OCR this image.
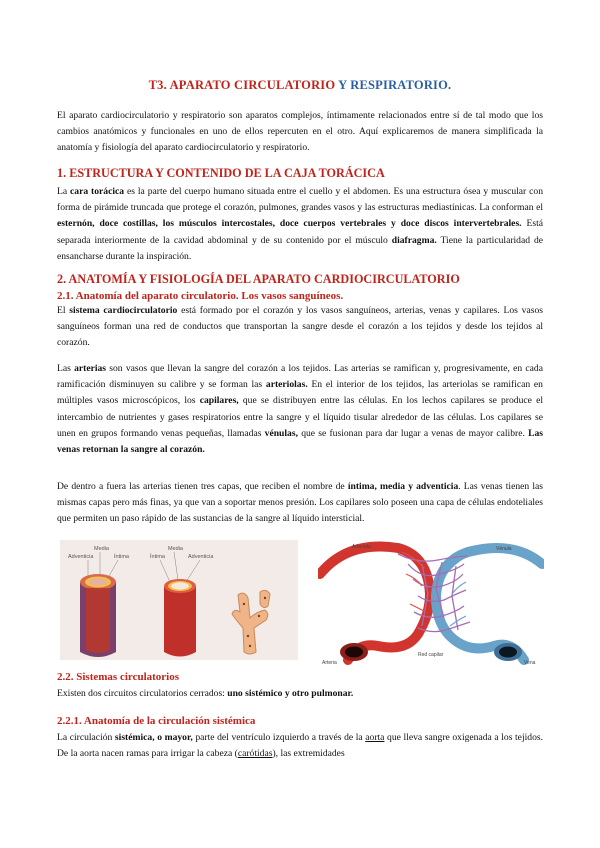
T3. APARATO CIRCULATORIO Y RESPIRATORIO.
El aparato cardiocirculatorio y respiratorio son aparatos complejos, íntimamente relacionados entre sí de tal modo que los cambios anatómicos y funcionales en uno de ellos repercuten en el otro. Aquí explicaremos de manera simplificada la anatomía y fisiología del aparato cardiocirculatorio y respiratorio.
1. ESTRUCTURA Y CONTENIDO DE LA CAJA TORÁCICA
La cara torácica es la parte del cuerpo humano situada entre el cuello y el abdomen. Es una estructura ósea y muscular con forma de pirámide truncada que protege el corazón, pulmones, grandes vasos y las estructuras mediastínicas. La conforman el esternón, doce costillas, los músculos intercostales, doce cuerpos vertebrales y doce discos intervertebrales. Está separada interiormente de la cavidad abdominal y de su contenido por el músculo diafragma. Tiene la particularidad de ensancharse durante la inspiración.
2. ANATOMÍA Y FISIOLOGÍA DEL APARATO CARDIOCIRCULATORIO
2.1. Anatomía del aparato circulatorio. Los vasos sanguíneos.
El sistema cardiocirculatorio está formado por el corazón y los vasos sanguíneos, arterias, venas y capilares. Los vasos sanguíneos forman una red de conductos que transportan la sangre desde el corazón a los tejidos y desde los tejidos al corazón.
Las arterias son vasos que llevan la sangre del corazón a los tejidos. Las arterias se ramifican y, progresivamente, en cada ramificación disminuyen su calibre y se forman las arteriolas. En el interior de los tejidos, las arteriolas se ramifican en múltiples vasos microscópicos, los capilares, que se distribuyen entre las células. En los lechos capilares se produce el intercambio de nutrientes y gases respiratorios entre la sangre y el líquido tisular alrededor de las células. Los capilares se unen en grupos formando venas pequeñas, llamadas vénulas, que se fusionan para dar lugar a venas de mayor calibre. Las venas retornan la sangre al corazón.
De dentro a fuera las arterias tienen tres capas, que reciben el nombre de íntima, media y adventicia. Las venas tienen las mismas capas pero más finas, ya que van a soportar menos presión. Los capilares solo poseen una capa de células endoteliales que permiten un paso rápido de las sustancias de la sangre al líquido intersticial.
Media
Adventicia	Íntima
Media
Íntima	Adventicia
Arteriola	Vénula
Red capilar
Arteria	Vena
2.2. Sistemas circulatorios
Existen dos circuitos circulatorios cerrados: uno sistémico y otro pulmonar.
2.2.1. Anatomía de la circulación sistémica
La circulación sistémica, o mayor, parte del ventrículo izquierdo a través de la aorta que lleva sangre oxigenada a los tejidos. De la aorta nacen ramas para irrigar la cabeza (carótidas), las extremidades
